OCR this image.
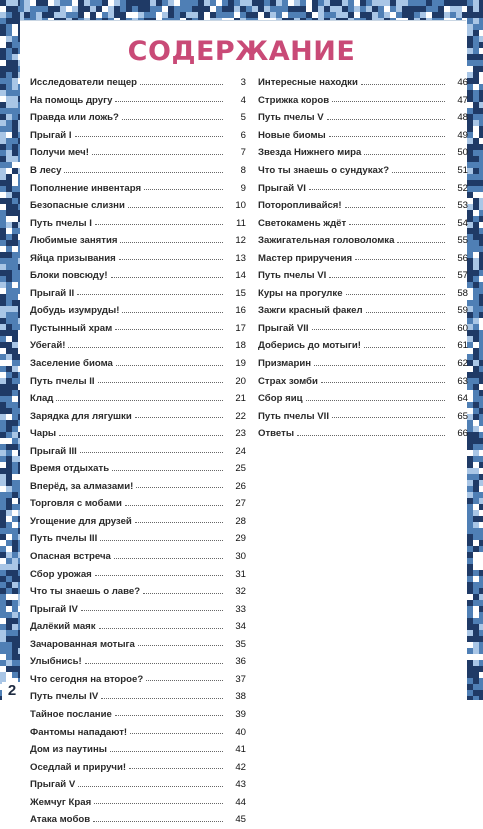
СОДЕРЖАНИЕ
Исследователи пещер	3
На помощь другу	4
Правда или ложь?	5
Прыгай I	6
Получи меч!	7
В лесу	8
Пополнение инвентаря	9
Безопасные слизни	10
Путь пчелы I	11
Любимые занятия	12
Яйца призывания	13
Блоки повсюду!	14
Прыгай II	15
Добудь изумруды!	16
Пустынный храм	17
Убегай!	18
Заселение биома	19
Путь пчелы II	20
Клад	21
Зарядка для лягушки	22
Чары	23
Прыгай III	24
Время отдыхать	25
Вперёд, за алмазами!	26
Торговля с мобами	27
Угощение для друзей	28
Путь пчелы III	29
Опасная встреча	30
Сбор урожая	31
Что ты знаешь о лаве?	32
Прыгай IV	33
Далёкий маяк	34
Зачарованная мотыга	35
Улыбнись!	36
Что сегодня на второе?	37
Путь пчелы IV	38
Тайное послание	39
Фантомы нападают!	40
Дом из паутины	41
Оседлай и приручи!	42
Прыгай V	43
Жемчуг Края	44
Атака мобов	45
Интересные находки	46
Стрижка коров	47
Путь пчелы V	48
Новые биомы	49
Звезда Нижнего мира	50
Что ты знаешь о сундуках?	51
Прыгай VI	52
Поторопливайся!	53
Светокамень ждёт	54
Зажигательная головоломка	55
Мастер приручения	56
Путь пчелы VI	57
Куры на прогулке	58
Зажги красный факел	59
Прыгай VII	60
Доберись до мотыги!	61
Призмарин	62
Страх зомби	63
Сбор яиц	64
Путь пчелы VII	65
Ответы	66
2
